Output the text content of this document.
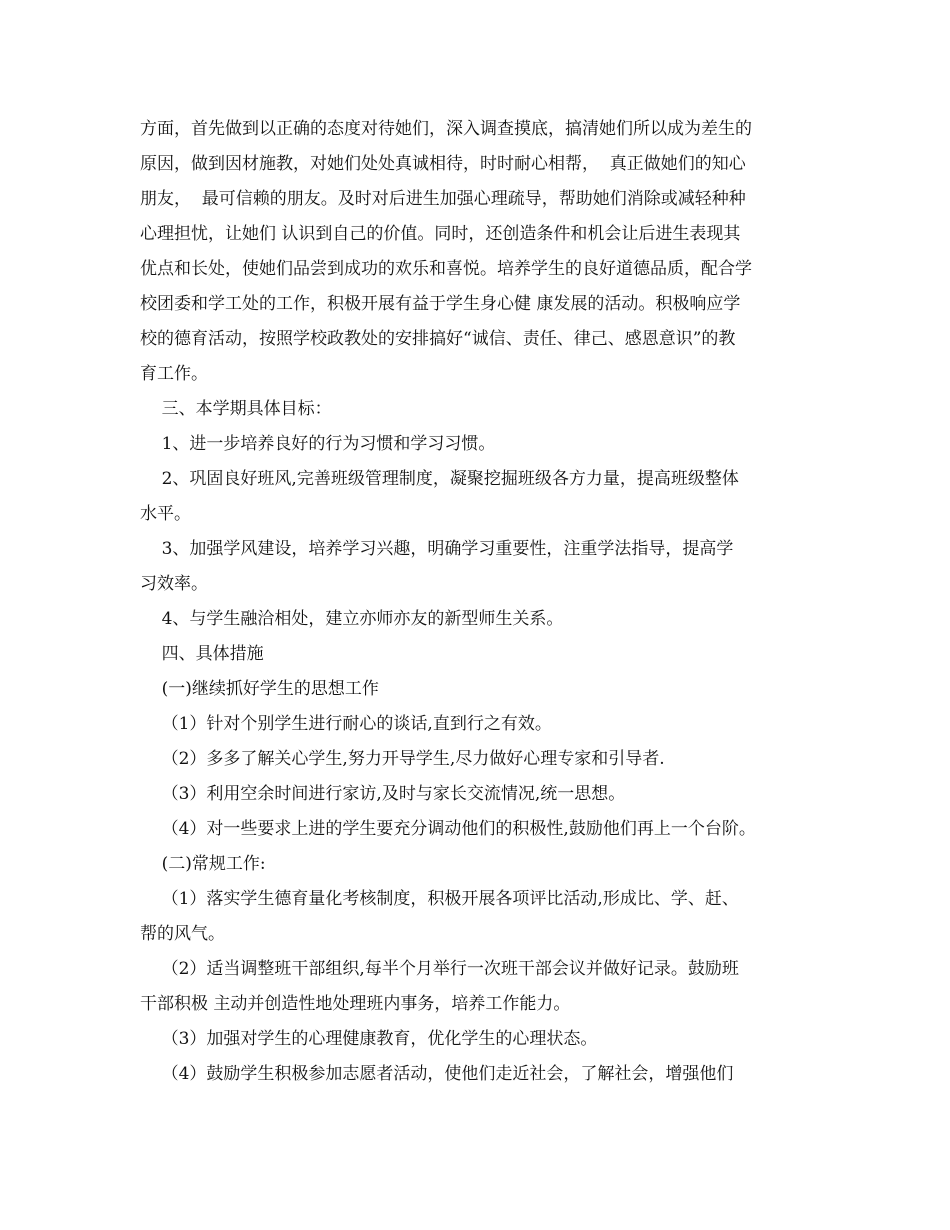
方面，首先做到以正确的态度对待她们，深入调查摸底，搞清她们所以成为差生的

原因，做到因材施教，对她们处处真诚相待，时时耐心相帮，  真正做她们的知心

朋友，  最可信赖的朋友。及时对后进生加强心理疏导，帮助她们消除或减轻种种

心理担忧，让她们 认识到自己的价值。同时，还创造条件和机会让后进生表现其

优点和长处，使她们品尝到成功的欢乐和喜悦。培养学生的良好道德品质，配合学

校团委和学工处的工作，积极开展有益于学生身心健 康发展的活动。积极响应学

校的德育活动，按照学校政教处的安排搞好“诚信、责任、律己、感恩意识”的教

育工作。

三、本学期具体目标：

1、进一步培养良好的行为习惯和学习习惯。

2、巩固良好班风,完善班级管理制度，凝聚挖掘班级各方力量，提高班级整体

水平。

3、加强学风建设，培养学习兴趣，明确学习重要性，注重学法指导，提高学

习效率。

4、与学生融洽相处，建立亦师亦友的新型师生关系。

四、具体措施

(一)继续抓好学生的思想工作

（1）针对个别学生进行耐心的谈话,直到行之有效。

（2）多多了解关心学生,努力开导学生,尽力做好心理专家和引导者.

（3）利用空余时间进行家访,及时与家长交流情况,统一思想。

（4）对一些要求上进的学生要充分调动他们的积极性,鼓励他们再上一个台阶。

(二)常规工作:

（1）落实学生德育量化考核制度，积极开展各项评比活动,形成比、学、赶、

帮的风气。

（2）适当调整班干部组织,每半个月举行一次班干部会议并做好记录。鼓励班

干部积极 主动并创造性地处理班内事务，培养工作能力。

（3）加强对学生的心理健康教育，优化学生的心理状态。

（4）鼓励学生积极参加志愿者活动，使他们走近社会，了解社会，增强他们
